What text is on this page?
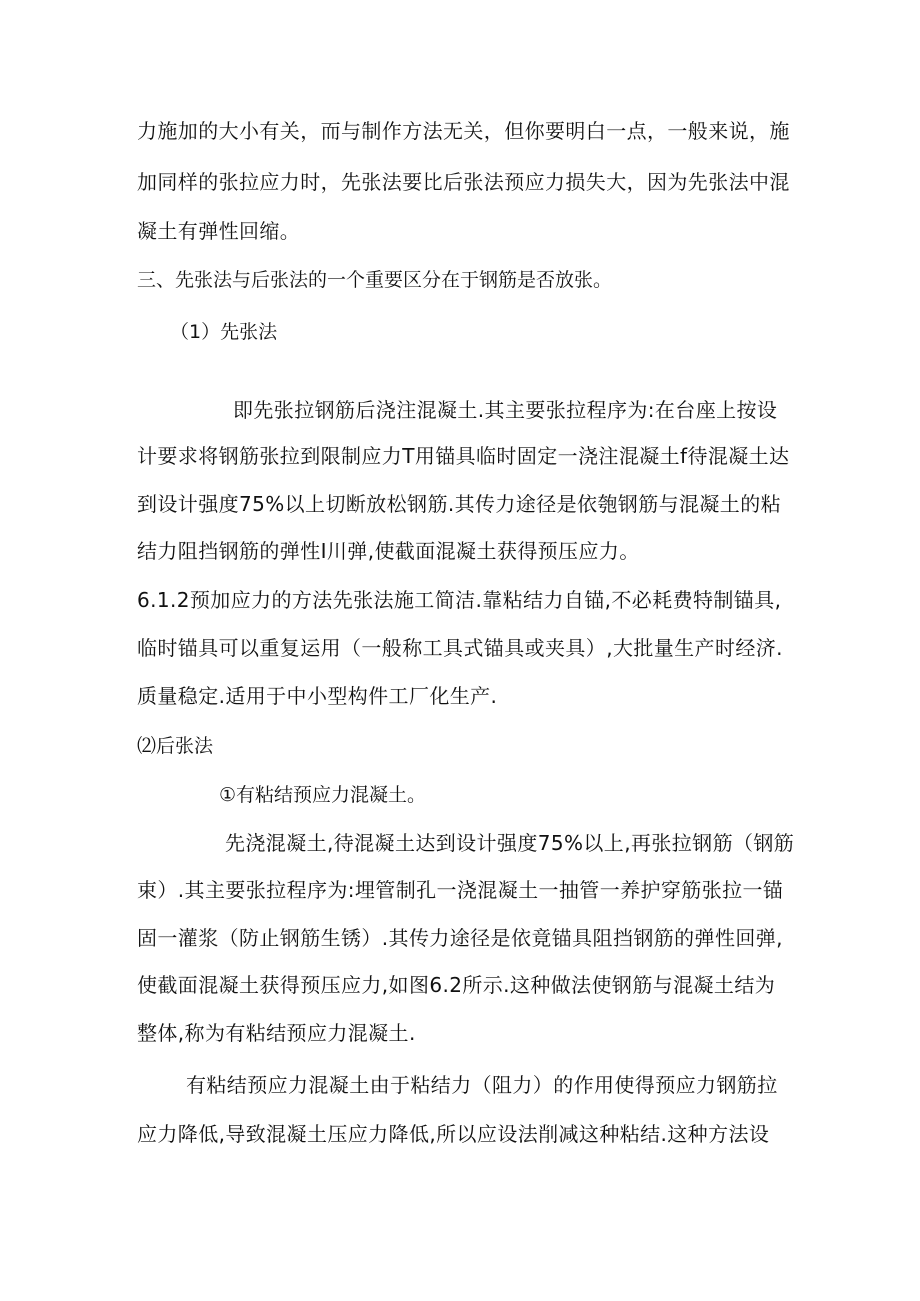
力施加的大小有关，而与制作方法无关，但你要明白一点，一般来说，施
加同样的张拉应力时，先张法要比后张法预应力损失大，因为先张法中混
凝土有弹性回缩。
三、先张法与后张法的一个重要区分在于钢筋是否放张。
（1）先张法
即先张拉钢筋后浇注混凝土.其主要张拉程序为:在台座上按设
计要求将钢筋张拉到限制应力T用锚具临时固定一浇注混凝土f待混凝土达
到设计强度75%以上切断放松钢筋.其传力途径是依匏钢筋与混凝土的粘
结力阻挡钢筋的弹性I川弹,使截面混凝土获得预压应力。
6.1.2预加应力的方法先张法施工简洁.靠粘结力自锚,不必耗费特制锚具,
临时锚具可以重复运用（一般称工具式锚具或夹具）,大批量生产时经济.
质量稳定.适用于中小型构件工厂化生产.
⑵后张法
①有粘结预应力混凝土。
先浇混凝土,待混凝土达到设计强度75%以上,再张拉钢筋（钢筋
束）.其主要张拉程序为:埋管制孔一浇混凝土一抽管一养护穿筋张拉一锚
固一灌浆（防止钢筋生锈）.其传力途径是依竟锚具阻挡钢筋的弹性回弹,
使截面混凝土获得预压应力,如图6.2所示.这种做法使钢筋与混凝土结为
整体,称为有粘结预应力混凝土.
有粘结预应力混凝土由于粘结力（阻力）的作用使得预应力钢筋拉
应力降低,导致混凝土压应力降低,所以应设法削减这种粘结.这种方法设
